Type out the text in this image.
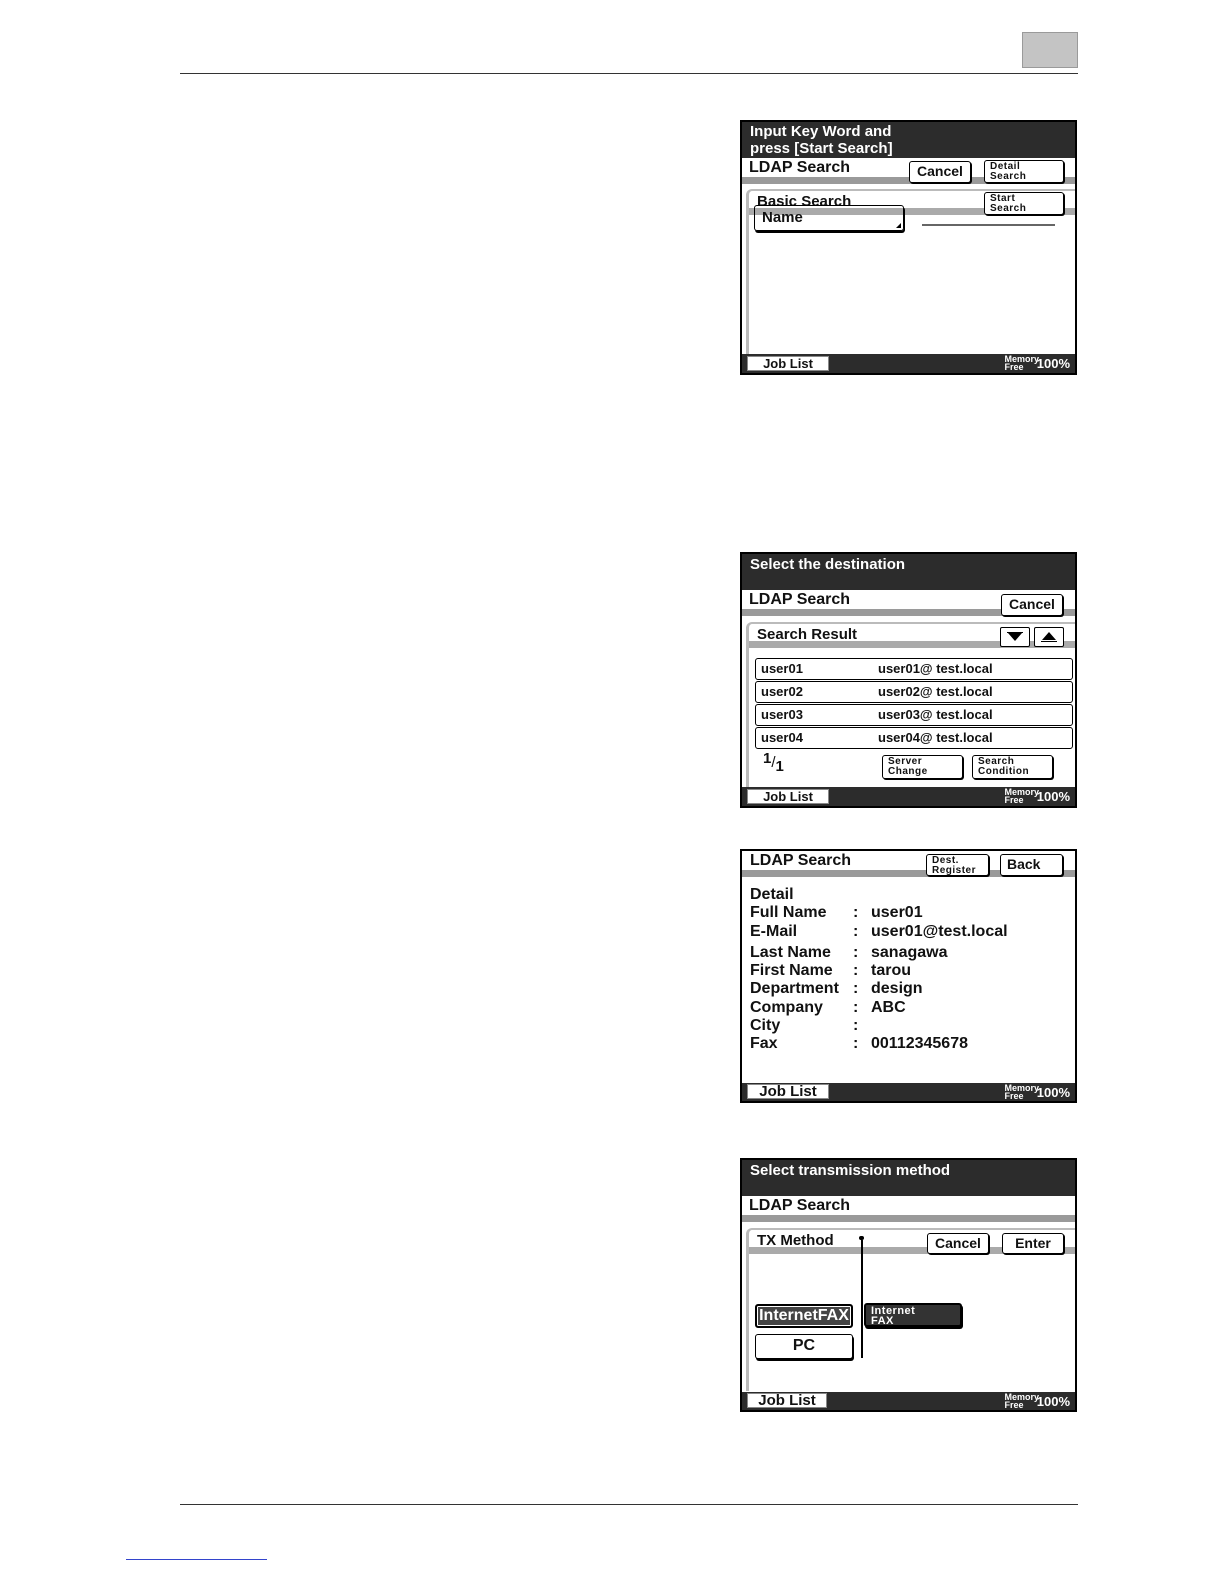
Input Key Word and
press [Start Search]
LDAP Search	Cancel	Detail
Search
Basic Search	Start
Search
Name
Job List	Memory
Free	100%
Select the destination
LDAP Search	Cancel
Search Result
user01	user01@ test.local
user02	user02@ test.local
user03	user03@ test.local
user04	user04@ test.local
1/1	Server
Change
Search
Condition
Job List	Memory
Free	100%
LDAP Search	Dest.
Register	Back
Detail
Full Name : user01
E-Mail	: user01@test.local
Last Name : sanagawa
First Name : tarou
Department : design
Company : ABC
City	:
Fax	: 00112345678
Job List	Memory
Free	100%
Select transmission method
LDAP Search
TX Method	Cancel	Enter
InternetFAX
PC
Internet
FAX
Job List	Memory
Free	100%
